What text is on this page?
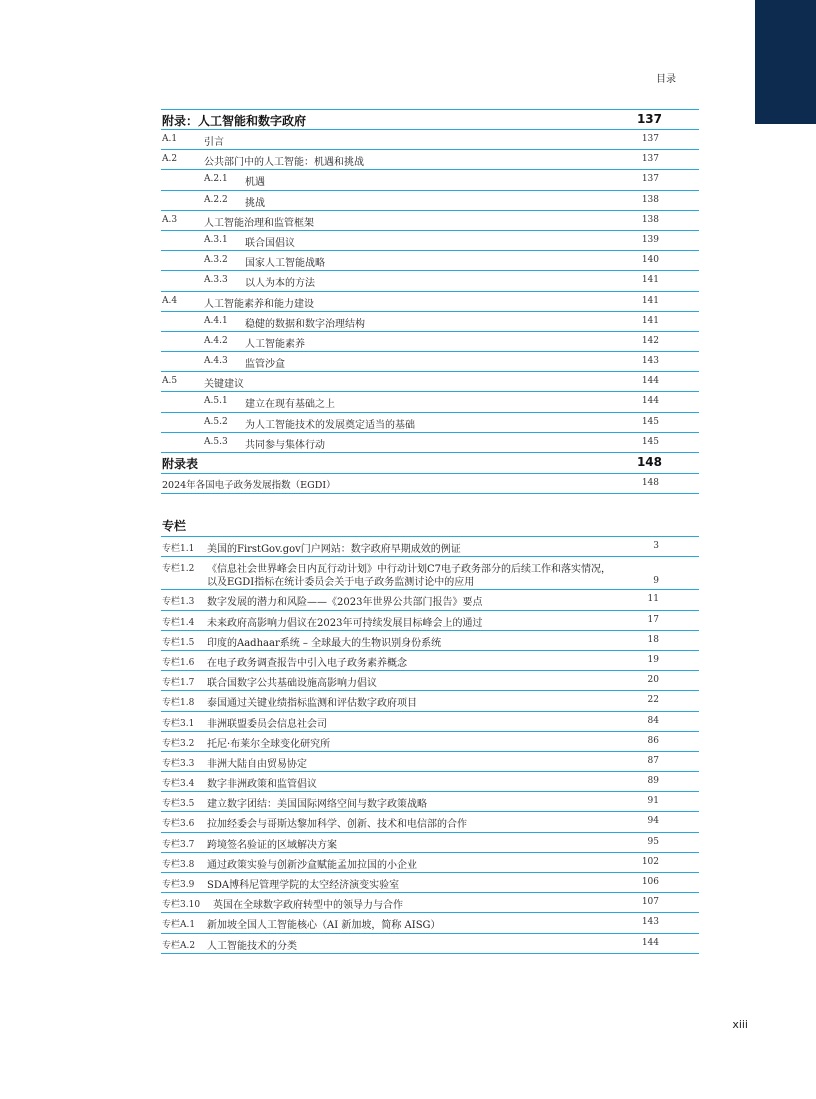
目录
附录：人工智能和数字政府	137
A.1	引言	137
A.2	公共部门中的人工智能：机遇和挑战	137
A.2.1 机遇	137
A.2.2 挑战	138
A.3	人工智能治理和监管框架	138
A.3.1 联合国倡议	139
A.3.2 国家人工智能战略	140
A.3.3 以人为本的方法	141
A.4	人工智能素养和能力建设	141
A.4.1 稳健的数据和数字治理结构	141
A.4.2 人工智能素养	142
A.4.3 监管沙盒	143
A.5	关键建议	144
A.5.1 建立在现有基础之上	144
A.5.2 为人工智能技术的发展奠定适当的基础	145
A.5.3 共同参与集体行动	145
附录表	148
2024年各国电子政务发展指数（EGDI）	148
专栏
专栏1.1 美国的FirstGov.gov门户网站：数字政府早期成效的例证	3
专栏1.2 《信息社会世界峰会日内瓦行动计划》中行动计划C7电子政务部分的后续工作和落实情况，
以及EGDI指标在统计委员会关于电子政务监测讨论中的应用	9
专栏1.3 数字发展的潜力和风险——《2023年世界公共部门报告》要点	11
专栏1.4 未来政府高影响力倡议在2023年可持续发展目标峰会上的通过	17
专栏1.5 印度的Aadhaar系统 – 全球最大的生物识别身份系统	18
专栏1.6 在电子政务调查报告中引入电子政务素养概念	19
专栏1.7 联合国数字公共基础设施高影响力倡议	20
专栏1.8 泰国通过关键业绩指标监测和评估数字政府项目	22
专栏3.1 非洲联盟委员会信息社会司	84
专栏3.2 托尼·布莱尔全球变化研究所	86
专栏3.3 非洲大陆自由贸易协定	87
专栏3.4 数字非洲政策和监管倡议	89
专栏3.5 建立数字团结：美国国际网络空间与数字政策战略	91
专栏3.6 拉加经委会与哥斯达黎加科学、创新、技术和电信部的合作	94
专栏3.7 跨境签名验证的区域解决方案	95
专栏3.8 通过政策实验与创新沙盒赋能孟加拉国的小企业	102
专栏3.9 SDA博科尼管理学院的太空经济演变实验室	106
专栏3.10 英国在全球数字政府转型中的领导力与合作	107
专栏A.1 新加坡全国人工智能核心（AI 新加坡，简称 AISG）	143
专栏A.2 人工智能技术的分类	144
xiii
